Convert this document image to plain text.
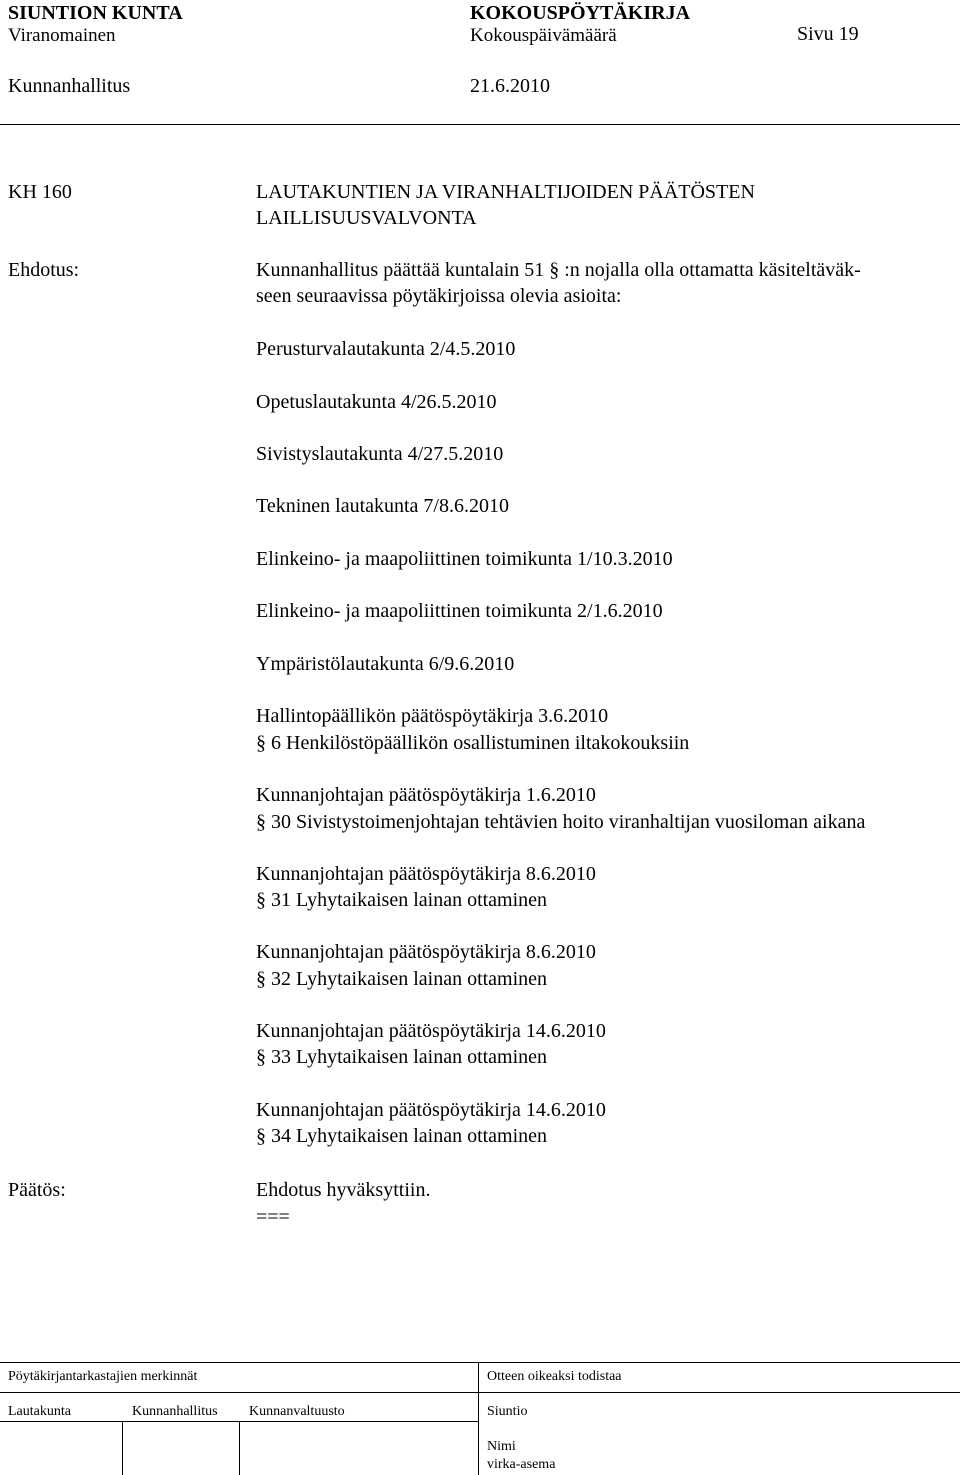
SIUNTION KUNTA	KOKOUSPÖYTÄKIRJA
Viranomainen	Kokouspäivämäärä	Sivu 19
Kunnanhallitus	21.6.2010
KH 160	LAUTAKUNTIEN JA VIRANHALTIJOIDEN PÄÄTÖSTEN
LAILLISUUSVALVONTA
Ehdotus:	Kunnanhallitus päättää kuntalain 51 § :n nojalla olla ottamatta käsiteltäväk-
seen seuraavissa pöytäkirjoissa olevia asioita:
Perusturvalautakunta 2/4.5.2010
Opetuslautakunta 4/26.5.2010
Sivistyslautakunta 4/27.5.2010
Tekninen lautakunta 7/8.6.2010
Elinkeino- ja maapoliittinen toimikunta 1/10.3.2010
Elinkeino- ja maapoliittinen toimikunta 2/1.6.2010
Ympäristölautakunta 6/9.6.2010
Hallintopäällikön päätöspöytäkirja 3.6.2010
§ 6 Henkilöstöpäällikön osallistuminen iltakokouksiin
Kunnanjohtajan päätöspöytäkirja 1.6.2010
§ 30 Sivistystoimenjohtajan tehtävien hoito viranhaltijan vuosiloman aikana
Kunnanjohtajan päätöspöytäkirja 8.6.2010
§ 31 Lyhytaikaisen lainan ottaminen
Kunnanjohtajan päätöspöytäkirja 8.6.2010
§ 32 Lyhytaikaisen lainan ottaminen
Kunnanjohtajan päätöspöytäkirja 14.6.2010
§ 33 Lyhytaikaisen lainan ottaminen
Kunnanjohtajan päätöspöytäkirja 14.6.2010
§ 34 Lyhytaikaisen lainan ottaminen
Päätös:	Ehdotus hyväksyttiin.
===
Pöytäkirjantarkastajien merkinnät	Otteen oikeaksi todistaa
Lautakunta	Kunnanhallitus Kunnanvaltuusto	Siuntio
Nimi
virka-asema
